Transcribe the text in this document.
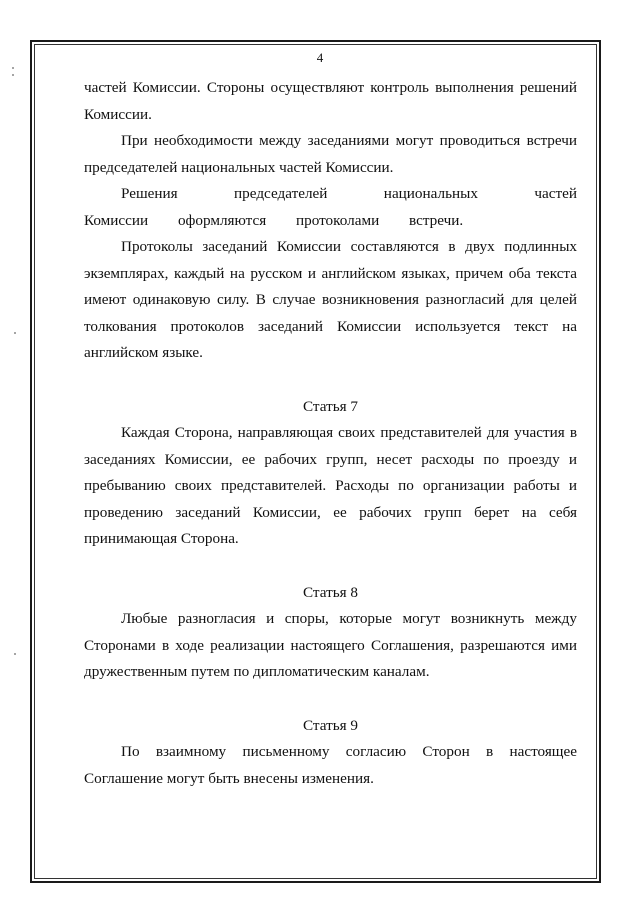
4

частей Комиссии. Стороны осуществляют контроль выполнения решений Комиссии.

При необходимости между заседаниями могут проводиться встречи председателей национальных частей Комиссии.

Решения председателей национальных частей Комиссии оформляются протоколами встречи.

Протоколы заседаний Комиссии составляются в двух подлинных экземплярах, каждый на русском и английском языках, причем оба текста имеют одинаковую силу. В случае возникновения разногласий для целей толкования протоколов заседаний Комиссии используется текст на английском языке.

Статья 7

Каждая Сторона, направляющая своих представителей для участия в заседаниях Комиссии, ее рабочих групп, несет расходы по проезду и пребыванию своих представителей. Расходы по организации работы и проведению заседаний Комиссии, ее рабочих групп берет на себя принимающая Сторона.

Статья 8

Любые разногласия и споры, которые могут возникнуть между Сторонами в ходе реализации настоящего Соглашения, разрешаются ими дружественным путем по дипломатическим каналам.

Статья 9

По взаимному письменному согласию Сторон в настоящее Соглашение могут быть внесены изменения.
